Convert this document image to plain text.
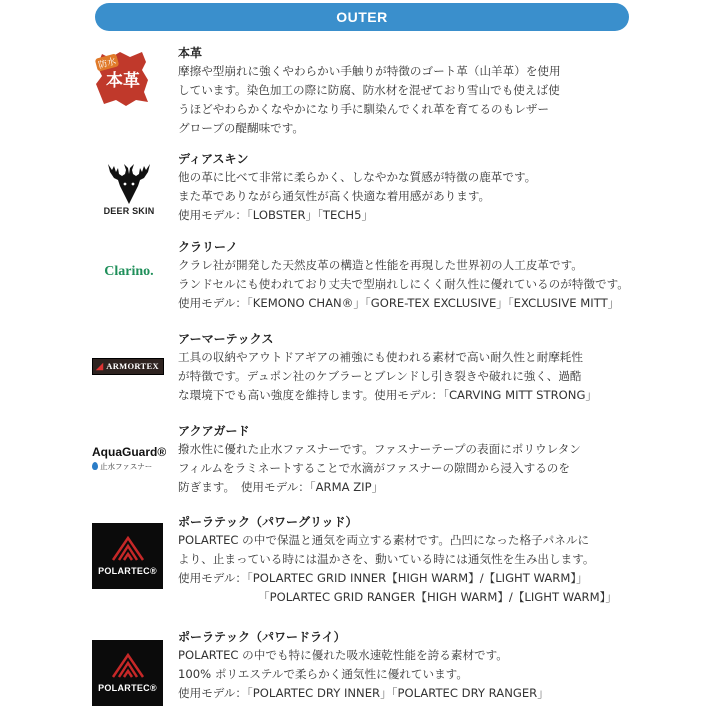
OUTER
防水
本革
本革
摩擦や型崩れに強くやわらかい手触りが特徴のゴート革（山羊革）を使用
しています。染色加工の際に防腐、防水材を混ぜており雪山でも使えば使
うほどやわらかくなやかになり手に馴染んでくれ革を育てるのもレザー
グローブの醍醐味です。
DEER SKIN
ディアスキン
他の革に比べて非常に柔らかく、しなやかな質感が特徴の鹿革です。
また革でありながら通気性が高く快適な着用感があります。
使用モデル：「LOBSTER」「TECH5」
Clarino.
クラリーノ
クラレ社が開発した天然皮革の構造と性能を再現した世界初の人工皮革です。
ランドセルにも使われており丈夫で型崩れしにくく耐久性に優れているのが特徴です。
使用モデル：「KEMONO CHAN®」「GORE-TEX EXCLUSIVE」「EXCLUSIVE MITT」
◢ ARMORTEX
アーマーテックス
工具の収納やアウトドアギアの補強にも使われる素材で高い耐久性と耐摩耗性
が特徴です。デュポン社のケブラーとブレンドし引き裂きや破れに強く、過酷
な環境下でも高い強度を維持します。使用モデル：「CARVING MITT STRONG」
AquaGuard®
止水ファスナー
アクアガード
撥水性に優れた止水ファスナーです。ファスナーテープの表面にポリウレタン
フィルムをラミネートすることで水滴がファスナーの隙間から浸入するのを
防ぎます。　使用モデル：「ARMA ZIP」
POLARTEC®
ポーラテック（パワーグリッド）
POLARTEC の中で保温と通気を両立する素材です。凸凹になった格子パネルに
より、止まっている時には温かさを、動いている時には通気性を生み出します。
使用モデル：「POLARTEC GRID INNER【HIGH WARM】/【LIGHT WARM】」
「POLARTEC GRID RANGER【HIGH WARM】/【LIGHT WARM】」
POLARTEC®
ポーラテック（パワードライ）
POLARTEC の中でも特に優れた吸水速乾性能を誇る素材です。
100% ポリエステルで柔らかく通気性に優れています。
使用モデル：「POLARTEC DRY INNER」「POLARTEC DRY RANGER」
